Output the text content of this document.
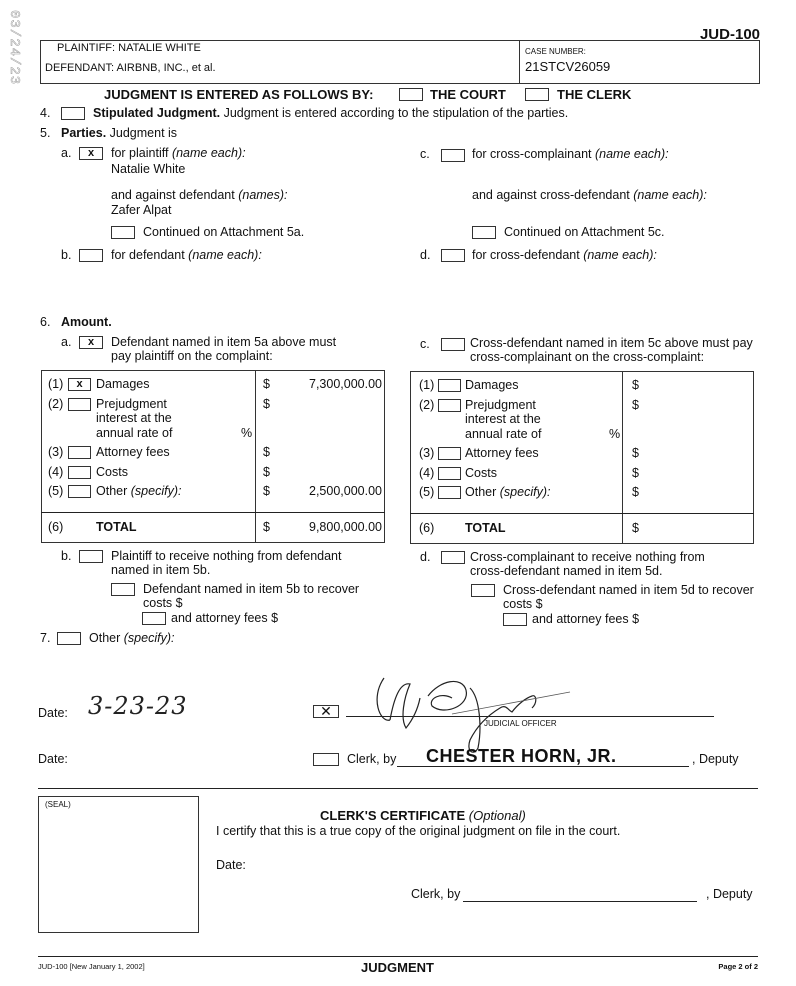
03/24/23	JUD-100
PLAINTIFF: NATALIE WHITE
DEFENDANT: AIRBNB, INC., et al.
CASE NUMBER:
21STCV26059
JUDGMENT IS ENTERED AS FOLLOWS BY:	THE COURT	THE CLERK
4.	Stipulated Judgment. Judgment is entered according to the stipulation of the parties.
5. Parties. Judgment is
a.	x	for plaintiff (name each):
Natalie White
and against defendant (names):
Zafer Alpat
Continued on Attachment 5a.
b.	for defendant (name each):
c.	for cross-complainant (name each):
and against cross-defendant (name each):
Continued on Attachment 5c.
d.	for cross-defendant (name each):
6. Amount.
a.	x	Defendant named in item 5a above must
pay plaintiff on the complaint:
(1)	x	Damages	$	7,300,000.00
(2)	Prejudgment
interest at the
annual rate of	%
$
(3)	Attorney fees	$
(4)	Costs	$
(5)	Other (specify):	$	2,500,000.00
(6)	TOTAL	$	9,800,000.00
c.	Cross-defendant named in item 5c above must pay
cross-complainant on the cross-complaint:
(1) Damages	$
(2) Prejudgment
interest at the
annual rate of	%
$
(3) Attorney fees	$
(4) Costs	$
(5) Other (specify):	$
(6) TOTAL	$
b.	Plaintiff to receive nothing from defendant
named in item 5b.
Defendant named in item 5b to recover
costs $
and attorney fees $
d.	Cross-complainant to receive nothing from
cross-defendant named in item 5d.
Cross-defendant named in item 5d to recover
costs $
and attorney fees $
7.	Other (specify):
Date: 3-23-23	✕
JUDICIAL OFFICER
Date:	Clerk, by CHESTER HORN, JR.	, Deputy
(SEAL)
CLERK'S CERTIFICATE (Optional)
I certify that this is a true copy of the original judgment on file in the court.
Date:
Clerk, by	, Deputy
JUD-100 [New January 1, 2002]	JUDGMENT	Page 2 of 2
